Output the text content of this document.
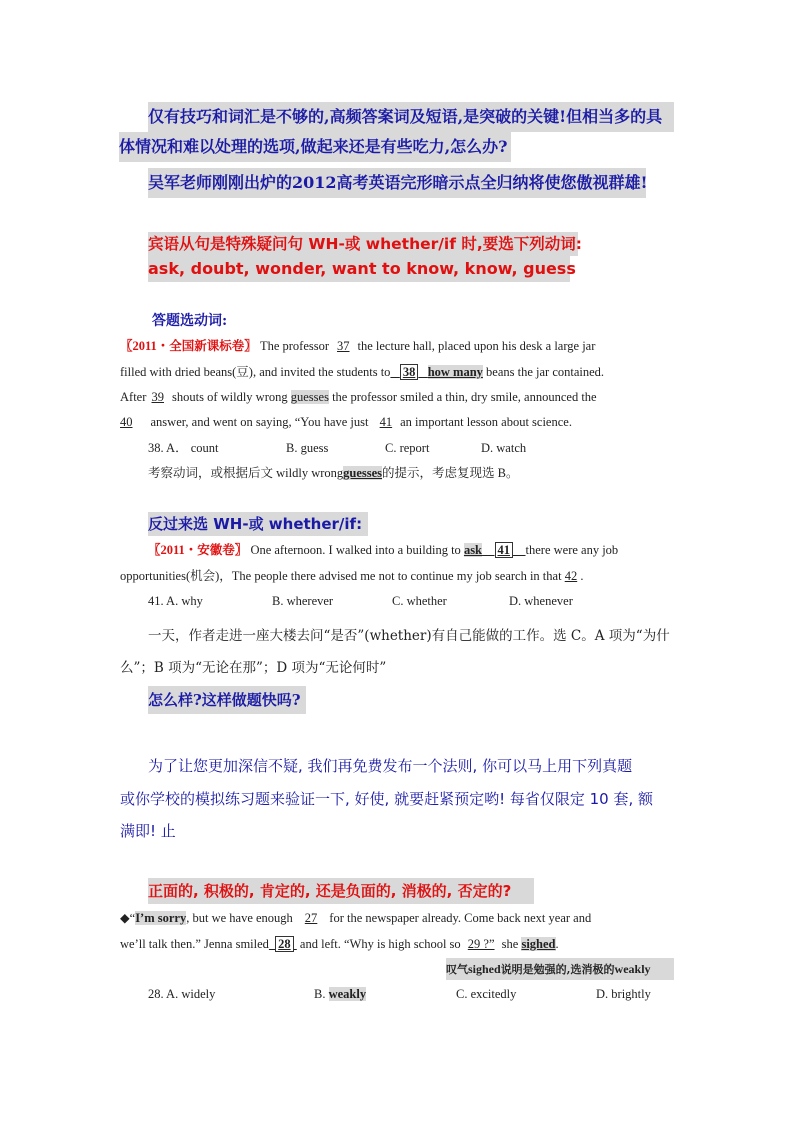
仅有技巧和词汇是不够的,高频答案词及短语,是突破的关键!但相当多的具
体情况和难以处理的选项,做起来还是有些吃力,怎么办?
吴军老师刚刚出炉的2012高考英语完形暗示点全归纳将使您傲视群雄!
宾语从句是特殊疑问句 WH-或 whether/if 时,要选下列动词:
ask, doubt, wonder, want to know, know, guess
答题选动词:
〖2011・全国新课标卷〗 The professor 37 the lecture hall, placed upon his desk a large jar
filled with dried beans(豆), and invited the students to 38 how many beans the jar contained.
After 39 shouts of wildly wrong guesses the professor smiled a thin, dry smile, announced the
40 answer, and went on saying, “You have just 41 an important lesson about science.
38. A． count	B. guess	C. report	D. watch
考察动词，或根据后文 wildly wrongguesses的提示，考虑复现选 B。
反过来选 WH-或 whether/if:
〖2011・安徽卷〗 One afternoon. I walked into a building to ask 41 there were any job
opportunities(机会)，The people there advised me not to continue my job search in that 42 .
41. A. why	B. wherever	C. whether	D. whenever
一天，作者走进一座大楼去问“是否”(whether)有自己能做的工作。选 C。A 项为“为什
么”；B 项为“无论在那”；D 项为“无论何时”
怎么样?这样做题快吗?
为了让您更加深信不疑, 我们再免费发布一个法则, 你可以马上用下列真题
或你学校的模拟练习题来验证一下, 好使, 就要赶紧预定哟! 每省仅限定 10 套, 额
满即! 止
正面的, 积极的, 肯定的, 还是负面的, 消极的, 否定的?
◆“I’m sorry, but we have enough 27 for the newspaper already. Come back next year and
we’ll talk then.” Jenna smiled 28 and left. “Why is high school so 29 ?” she sighed.
叹气sighed说明是勉强的,选消极的weakly
28. A. widely	B. weakly	C. excitedly	D. brightly
